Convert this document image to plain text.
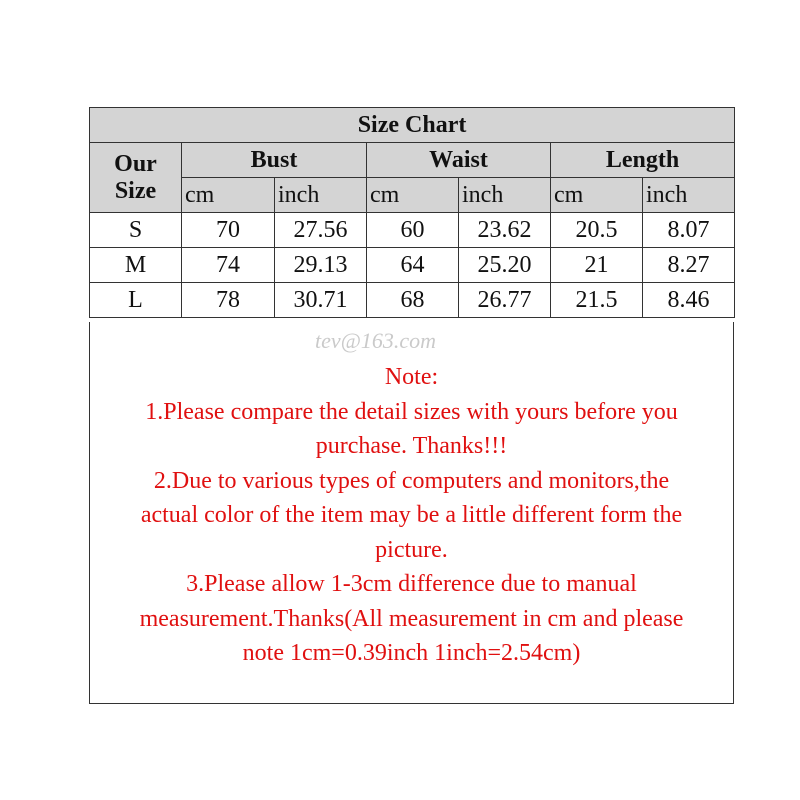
Size Chart						
Our
Size	Bust		Waist		Length	
	cm	inch	cm	inch	cm	inch
S	70	27.56	60	23.62	20.5	8.07
M	74	29.13	64	25.20	21	8.27
L	78	30.71	68	26.77	21.5	8.46
Note:
1.Please compare the detail sizes with yours before you
purchase. Thanks!!!
2.Due to various types of computers and monitors,the
actual color of the item may be a little different form the
picture.
3.Please allow 1-3cm difference due to manual
measurement.Thanks(All measurement in cm and please
note 1cm=0.39inch 1inch=2.54cm)
tev@163.com
